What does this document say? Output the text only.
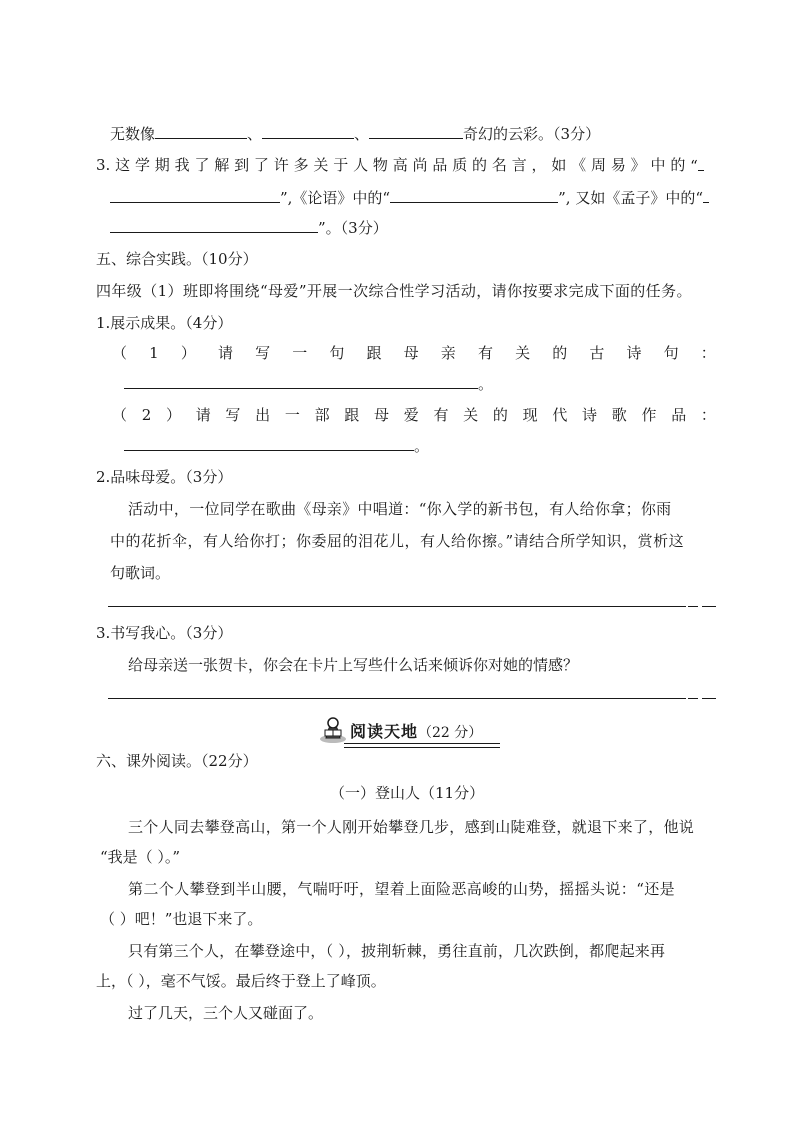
无数像	、	、	奇幻的云彩。（3分）
3. 这 学 期 我 了 解 到 了 许 多 关 于 人 物 高 尚 品 质 的 名 言 ， 如 《 周 易 》 中 的 “
”,《论语》中的“	”, 又如《孟子》中的“
”。（3分）
五、综合实践。（10分）
四年级（1）班即将围绕“母爱”开展一次综合性学习活动，请你按要求完成下面的任务。
1.展示成果。（4分）
（ 1 ） 请 写 一 句 跟 母 亲 有 关 的 古 诗 句 ：
。
（ 2 ） 请 写 出 一 部 跟 母 爱 有 关 的 现 代 诗 歌 作 品 ：
。
2.品味母爱。（3分）
活动中，一位同学在歌曲《母亲》中唱道：“你入学的新书包，有人给你拿；你雨
中的花折伞，有人给你打；你委屈的泪花儿，有人给你擦。”请结合所学知识，赏析这
句歌词。
3.书写我心。（3分）
给母亲送一张贺卡，你会在卡片上写些什么话来倾诉你对她的情感？
阅读天地（22 分）
六、课外阅读。（22分）
（一）登山人（11分）
三个人同去攀登高山，第一个人刚开始攀登几步，感到山陡难登，就退下来了，他说
“我是（ ）。”
第二个人攀登到半山腰，气喘吁吁，望着上面险恶高峻的山势，摇摇头说：“还是
（ ）吧！”也退下来了。
只有第三个人，在攀登途中，（ ），披荆斩棘，勇往直前，几次跌倒，都爬起来再
上，（ ），毫不气馁。最后终于登上了峰顶。
过了几天，三个人又碰面了。
